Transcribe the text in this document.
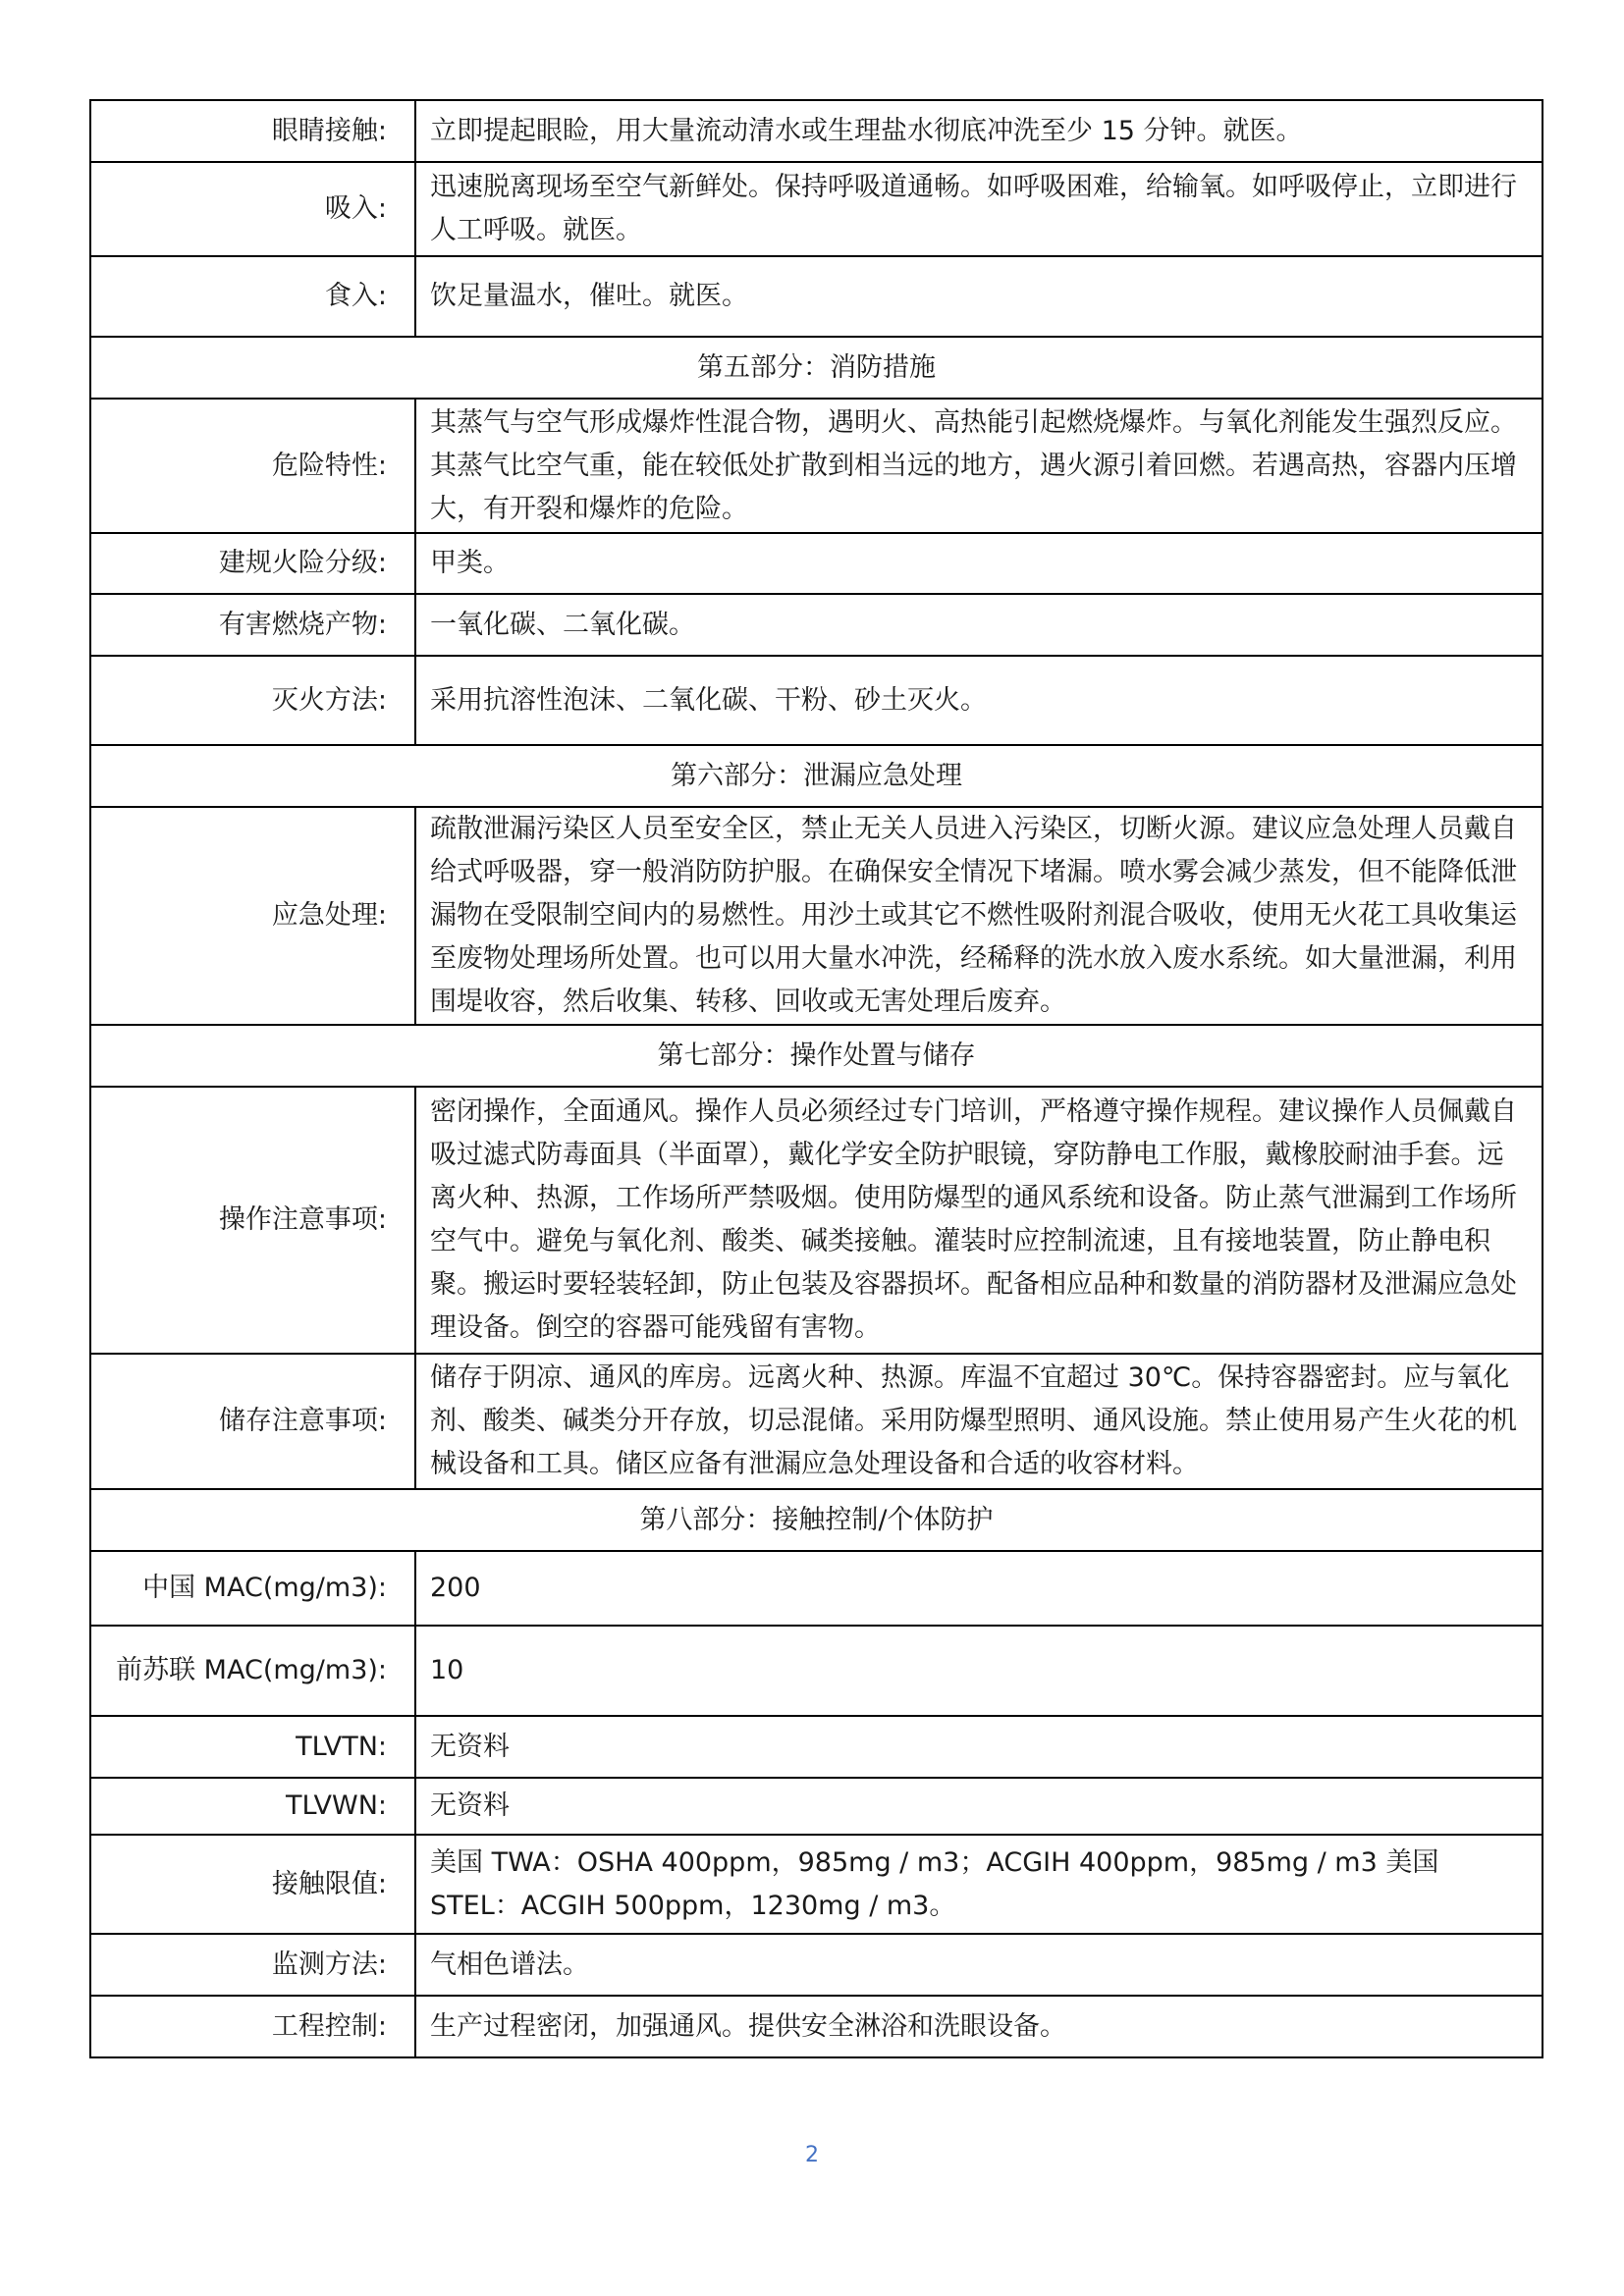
眼睛接触:	立即提起眼睑，用大量流动清水或生理盐水彻底冲洗至少 15 分钟。就医。
吸入:	迅速脱离现场至空气新鲜处。保持呼吸道通畅。如呼吸困难，给输氧。如呼吸停止，立即进行人工呼吸。就医。
食入:	饮足量温水，催吐。就医。
第五部分：消防措施	
危险特性:	其蒸气与空气形成爆炸性混合物，遇明火、高热能引起燃烧爆炸。与氧化剂能发生强烈反应。其蒸气比空气重，能在较低处扩散到相当远的地方，遇火源引着回燃。若遇高热，容器内压增大，有开裂和爆炸的危险。
建规火险分级:	甲类。
有害燃烧产物:	一氧化碳、二氧化碳。
灭火方法:	采用抗溶性泡沫、二氧化碳、干粉、砂土灭火。
第六部分：泄漏应急处理	
应急处理:	疏散泄漏污染区人员至安全区，禁止无关人员进入污染区，切断火源。建议应急处理人员戴自给式呼吸器，穿一般消防防护服。在确保安全情况下堵漏。喷水雾会减少蒸发，但不能降低泄漏物在受限制空间内的易燃性。用沙土或其它不燃性吸附剂混合吸收，使用无火花工具收集运至废物处理场所处置。也可以用大量水冲洗，经稀释的洗水放入废水系统。如大量泄漏，利用围堤收容，然后收集、转移、回收或无害处理后废弃。
第七部分：操作处置与储存	
操作注意事项:	密闭操作，全面通风。操作人员必须经过专门培训，严格遵守操作规程。建议操作人员佩戴自吸过滤式防毒面具（半面罩），戴化学安全防护眼镜，穿防静电工作服，戴橡胶耐油手套。远离火种、热源，工作场所严禁吸烟。使用防爆型的通风系统和设备。防止蒸气泄漏到工作场所空气中。避免与氧化剂、酸类、碱类接触。灌装时应控制流速，且有接地装置，防止静电积聚。搬运时要轻装轻卸，防止包装及容器损坏。配备相应品种和数量的消防器材及泄漏应急处理设备。倒空的容器可能残留有害物。
储存注意事项:	储存于阴凉、通风的库房。远离火种、热源。库温不宜超过 30℃。保持容器密封。应与氧化剂、酸类、碱类分开存放，切忌混储。采用防爆型照明、通风设施。禁止使用易产生火花的机械设备和工具。储区应备有泄漏应急处理设备和合适的收容材料。
第八部分：接触控制/个体防护	
中国 MAC(mg/m3):	200
前苏联 MAC(mg/m3):	10
TLVTN:	无资料
TLVWN:	无资料
接触限值:	美国 TWA：OSHA 400ppm，985mg / m3；ACGIH 400ppm，985mg / m3 美国 STEL：ACGIH 500ppm，1230mg / m3。
监测方法:	气相色谱法。
工程控制:	生产过程密闭，加强通风。提供安全淋浴和洗眼设备。
2
